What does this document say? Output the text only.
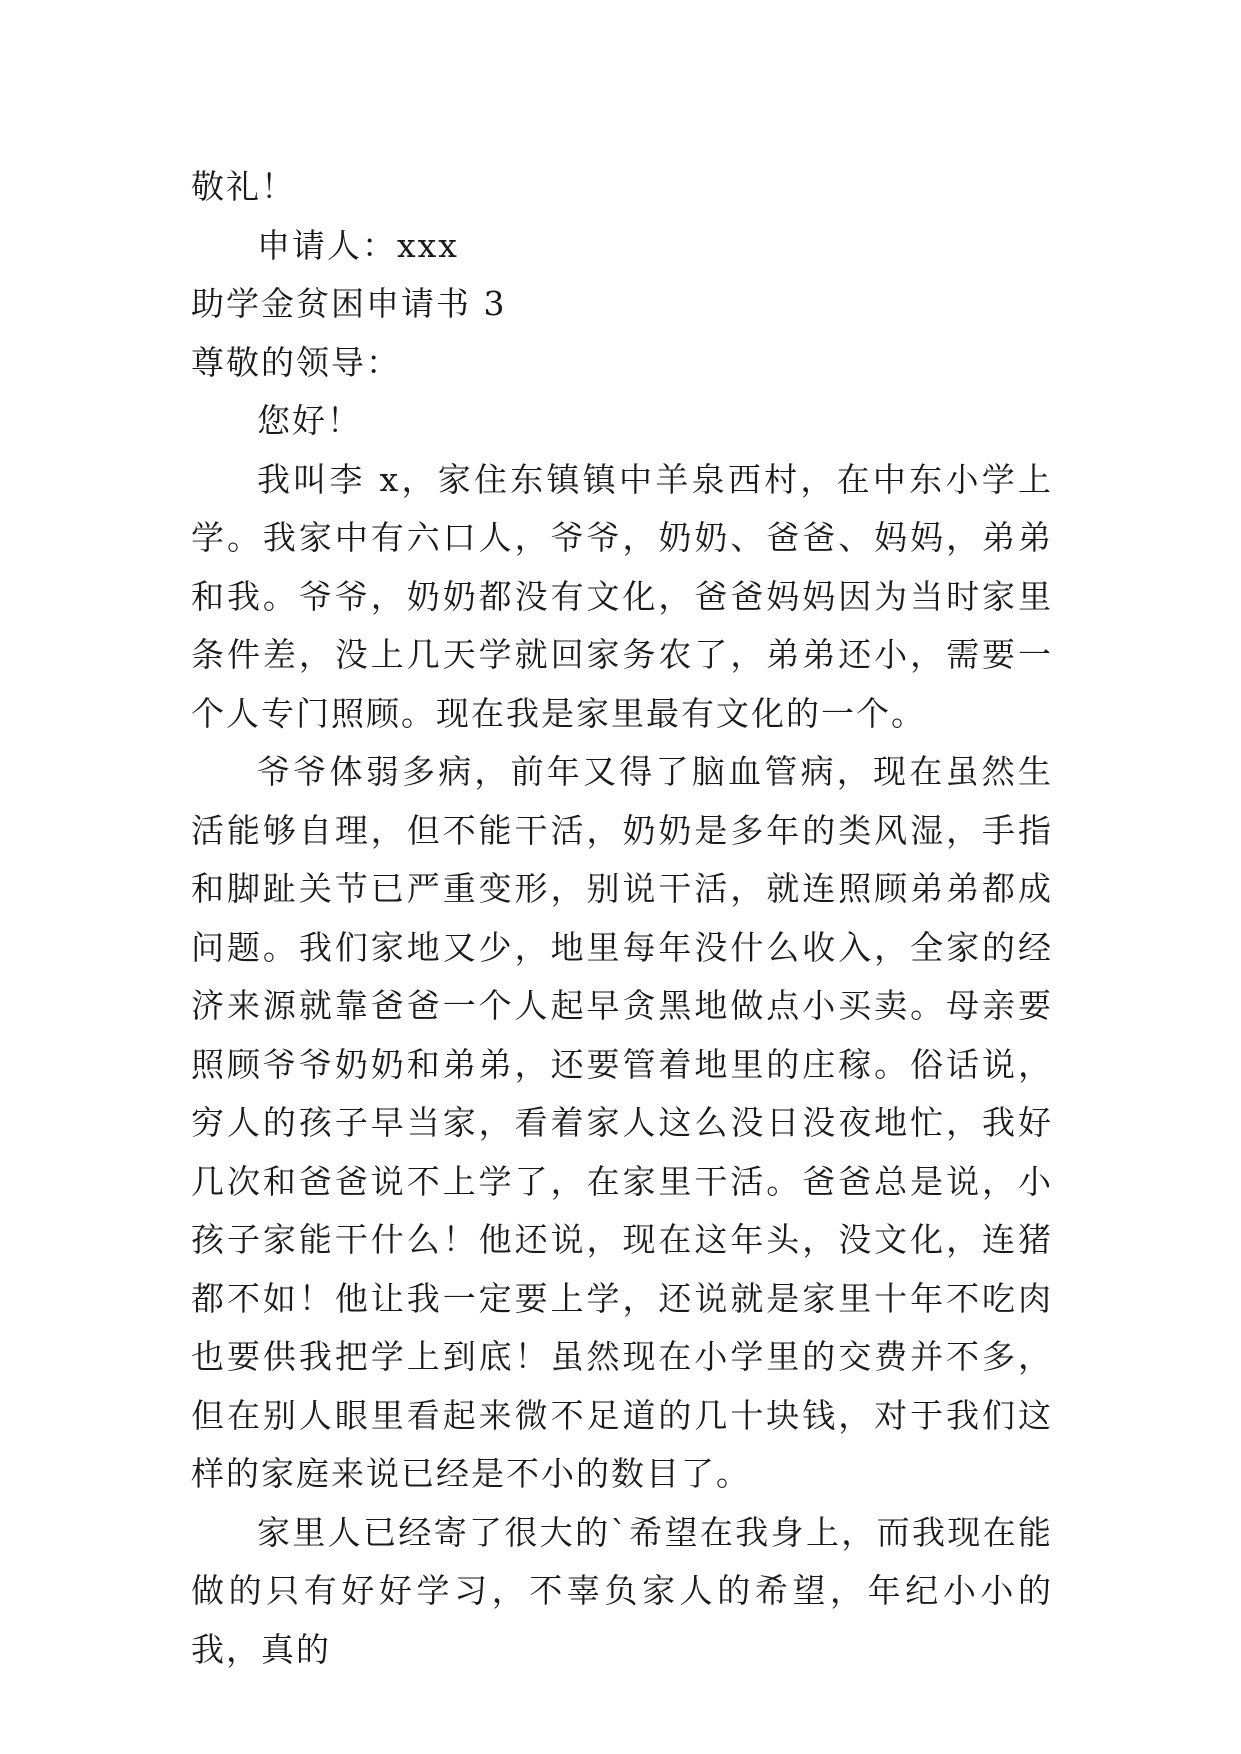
敬礼！
申请人：xxx
助学金贫困申请书 3
尊敬的领导：
您好！

我叫李 x，家住东镇镇中羊泉西村，在中东小学上学。我家中有六口人，爷爷，奶奶、爸爸、妈妈，弟弟和我。爷爷，奶奶都没有文化，爸爸妈妈因为当时家里条件差，没上几天学就回家务农了，弟弟还小，需要一个人专门照顾。现在我是家里最有文化的一个。

爷爷体弱多病，前年又得了脑血管病，现在虽然生活能够自理，但不能干活，奶奶是多年的类风湿，手指和脚趾关节已严重变形，别说干活，就连照顾弟弟都成问题。我们家地又少，地里每年没什么收入，全家的经济来源就靠爸爸一个人起早贪黑地做点小买卖。母亲要照顾爷爷奶奶和弟弟，还要管着地里的庄稼。俗话说，穷人的孩子早当家，看着家人这么没日没夜地忙，我好几次和爸爸说不上学了，在家里干活。爸爸总是说，小孩子家能干什么！他还说，现在这年头，没文化，连猪都不如！他让我一定要上学，还说就是家里十年不吃肉也要供我把学上到底！虽然现在小学里的交费并不多，但在别人眼里看起来微不足道的几十块钱，对于我们这样的家庭来说已经是不小的数目了。

家里人已经寄了很大的`希望在我身上，而我现在能做的只有好好学习，不辜负家人的希望，年纪小小的我，真的
